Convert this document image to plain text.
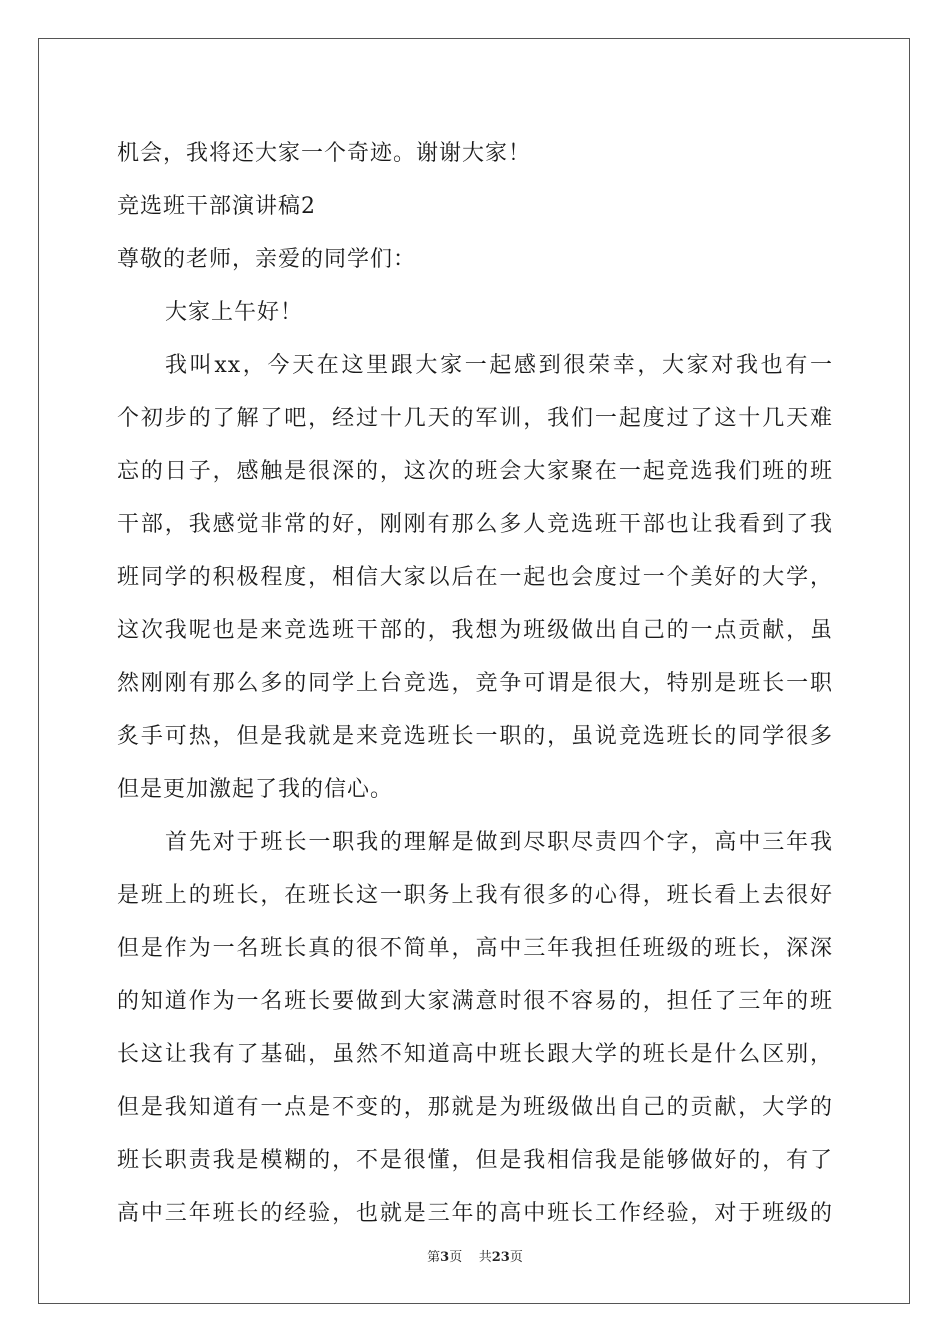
机会，我将还大家一个奇迹。谢谢大家！
竞选班干部演讲稿2
尊敬的老师，亲爱的同学们：
大家上午好！
我叫xx，今天在这里跟大家一起感到很荣幸，大家对我也有一
个初步的了解了吧，经过十几天的军训，我们一起度过了这十几天难
忘的日子，感触是很深的，这次的班会大家聚在一起竞选我们班的班
干部，我感觉非常的好，刚刚有那么多人竞选班干部也让我看到了我
班同学的积极程度，相信大家以后在一起也会度过一个美好的大学，
这次我呢也是来竞选班干部的，我想为班级做出自己的一点贡献，虽
然刚刚有那么多的同学上台竞选，竞争可谓是很大，特别是班长一职
炙手可热，但是我就是来竞选班长一职的，虽说竞选班长的同学很多
但是更加激起了我的信心。
首先对于班长一职我的理解是做到尽职尽责四个字，高中三年我
是班上的班长，在班长这一职务上我有很多的心得，班长看上去很好
但是作为一名班长真的很不简单，高中三年我担任班级的班长，深深
的知道作为一名班长要做到大家满意时很不容易的，担任了三年的班
长这让我有了基础，虽然不知道高中班长跟大学的班长是什么区别，
但是我知道有一点是不变的，那就是为班级做出自己的贡献，大学的
班长职责我是模糊的，不是很懂，但是我相信我是能够做好的，有了
高中三年班长的经验，也就是三年的高中班长工作经验，对于班级的
第3页 共23页
